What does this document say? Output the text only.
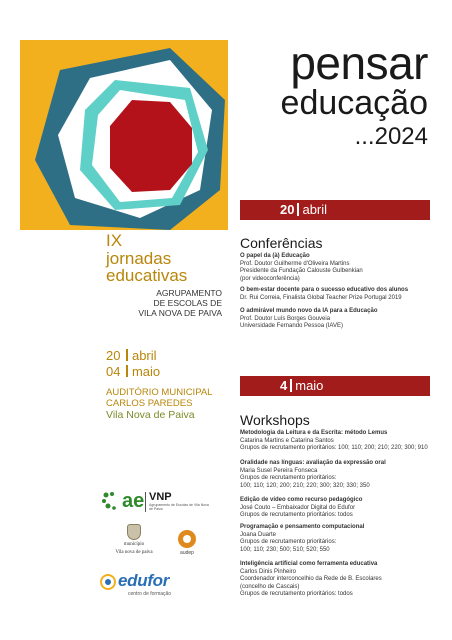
pensar
educação
...2024
20 abril
IX
jornadas
educativas
AGRUPAMENTO
DE ESCOLAS DE
VILA NOVA DE PAIVA
20 abril
04 maio
AUDITÓRIO MUNICIPAL
CARLOS PAREDES
Vila Nova de Paiva
Conferências
O papel da (à) Educação
Prof. Doutor Guilherme d'Oliveira Martins
Presidente da Fundação Calouste Gulbenkian
(por videoconferência)
O bem-estar docente para o sucesso educativo dos alunos
Dr. Rui Correia, Finalista Global Teacher Prize Portugal 2019
O admirável mundo novo da IA para a Educação
Prof. Doutor Luís Borges Gouveia
Universidade Fernando Pessoa (IAVE)
4 maio
Workshops
Metodologia da Leitura e da Escrita: método Lemus
Catarina Martins e Catarina Santos
Grupos de recrutamento prioritários: 100; 110; 200; 210; 220; 300; 910
Oralidade nas línguas: avaliação da expressão oral
Maria Susel Pereira Fonseca
Grupos de recrutamento prioritários:
100; 110; 120; 200; 210; 220; 300; 320; 330; 350
Edição de vídeo como recurso pedagógico
José Couto – Embaixador Digital do Edufor
Grupos de recrutamento prioritários: todos
Programação e pensamento computacional
Joana Duarte
Grupos de recrutamento prioritários:
100; 110; 230; 500; 510; 520; 550
Inteligência artificial como ferramenta educativa
Carlos Dinis Pinheiro
Coordenador interconcelhio da Rede de B. Escolares
(concelho de Cascais)
Grupos de recrutamento prioritários: todos
ae VNP
Agrupamento de Escolas de Vila Nova de Paiva
município
Vila nova de paiva	audep
edufor
centro de formação
